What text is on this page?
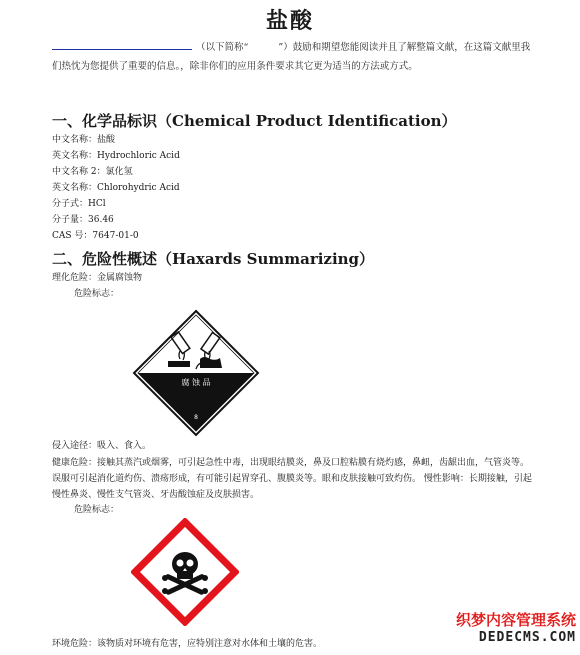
盐酸
（以下简称“	”）鼓励和期望您能阅读并且了解整篇文献，在这篇文献里我们热忱为您提供了重要的信息。，除非你们的应用条件要求其它更为适当的方法或方式。
一、化学品标识（Chemical Product Identification）
中文名称：盐酸
英文名称：Hydrochloric Acid
中文名称 2：氯化氢
英文名称：Chlorohydric Acid
分子式：HCl
分子量：36.46
CAS 号：7647-01-0
二、危险性概述（Haxards Summarizing）
理化危险：金属腐蚀物
危险标志：
腐 蚀 品
8
侵入途径：吸入、食入。
健康危险：接触其蒸汽或烟雾，可引起急性中毒，出现眼结膜炎，鼻及口腔粘膜有烧灼感，鼻衄，齿龈出血，气管炎等。误服可引起消化道灼伤、溃疡形成，有可能引起胃穿孔、腹膜炎等。眼和皮肤接触可致灼伤。 慢性影响：长期接触，引起慢性鼻炎、慢性支气管炎、牙齿酸蚀症及皮肤损害。
危险标志：
环境危险：该物质对环境有危害，应特别注意对水体和土壤的危害。
织梦内容管理系统
DEDECMS.COM
